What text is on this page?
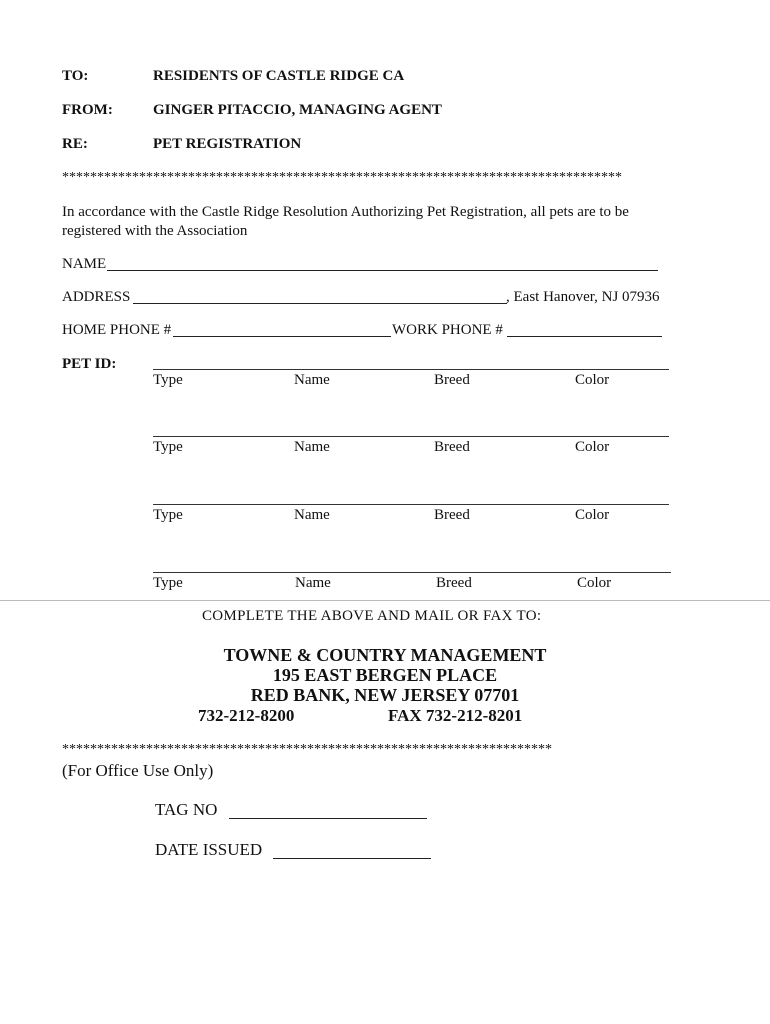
TO:	RESIDENTS OF CASTLE RIDGE CA
FROM:	GINGER PITACCIO, MANAGING AGENT
RE:	PET REGISTRATION
********************************************************************************
In accordance with the Castle Ridge Resolution Authorizing Pet Registration, all pets are to be registered with the Association
NAME
ADDRESS	, East Hanover, NJ 07936
HOME PHONE #	WORK PHONE #
PET ID:
Type	Name	Breed	Color
Type	Name	Breed	Color
Type	Name	Breed	Color
Type	Name	Breed	Color
COMPLETE THE ABOVE AND MAIL OR FAX TO:
TOWNE & COUNTRY MANAGEMENT
195 EAST BERGEN PLACE
RED BANK, NEW JERSEY 07701
732-212-8200	FAX 732-212-8201
**********************************************************************
(For Office Use Only)
TAG NO
DATE ISSUED
